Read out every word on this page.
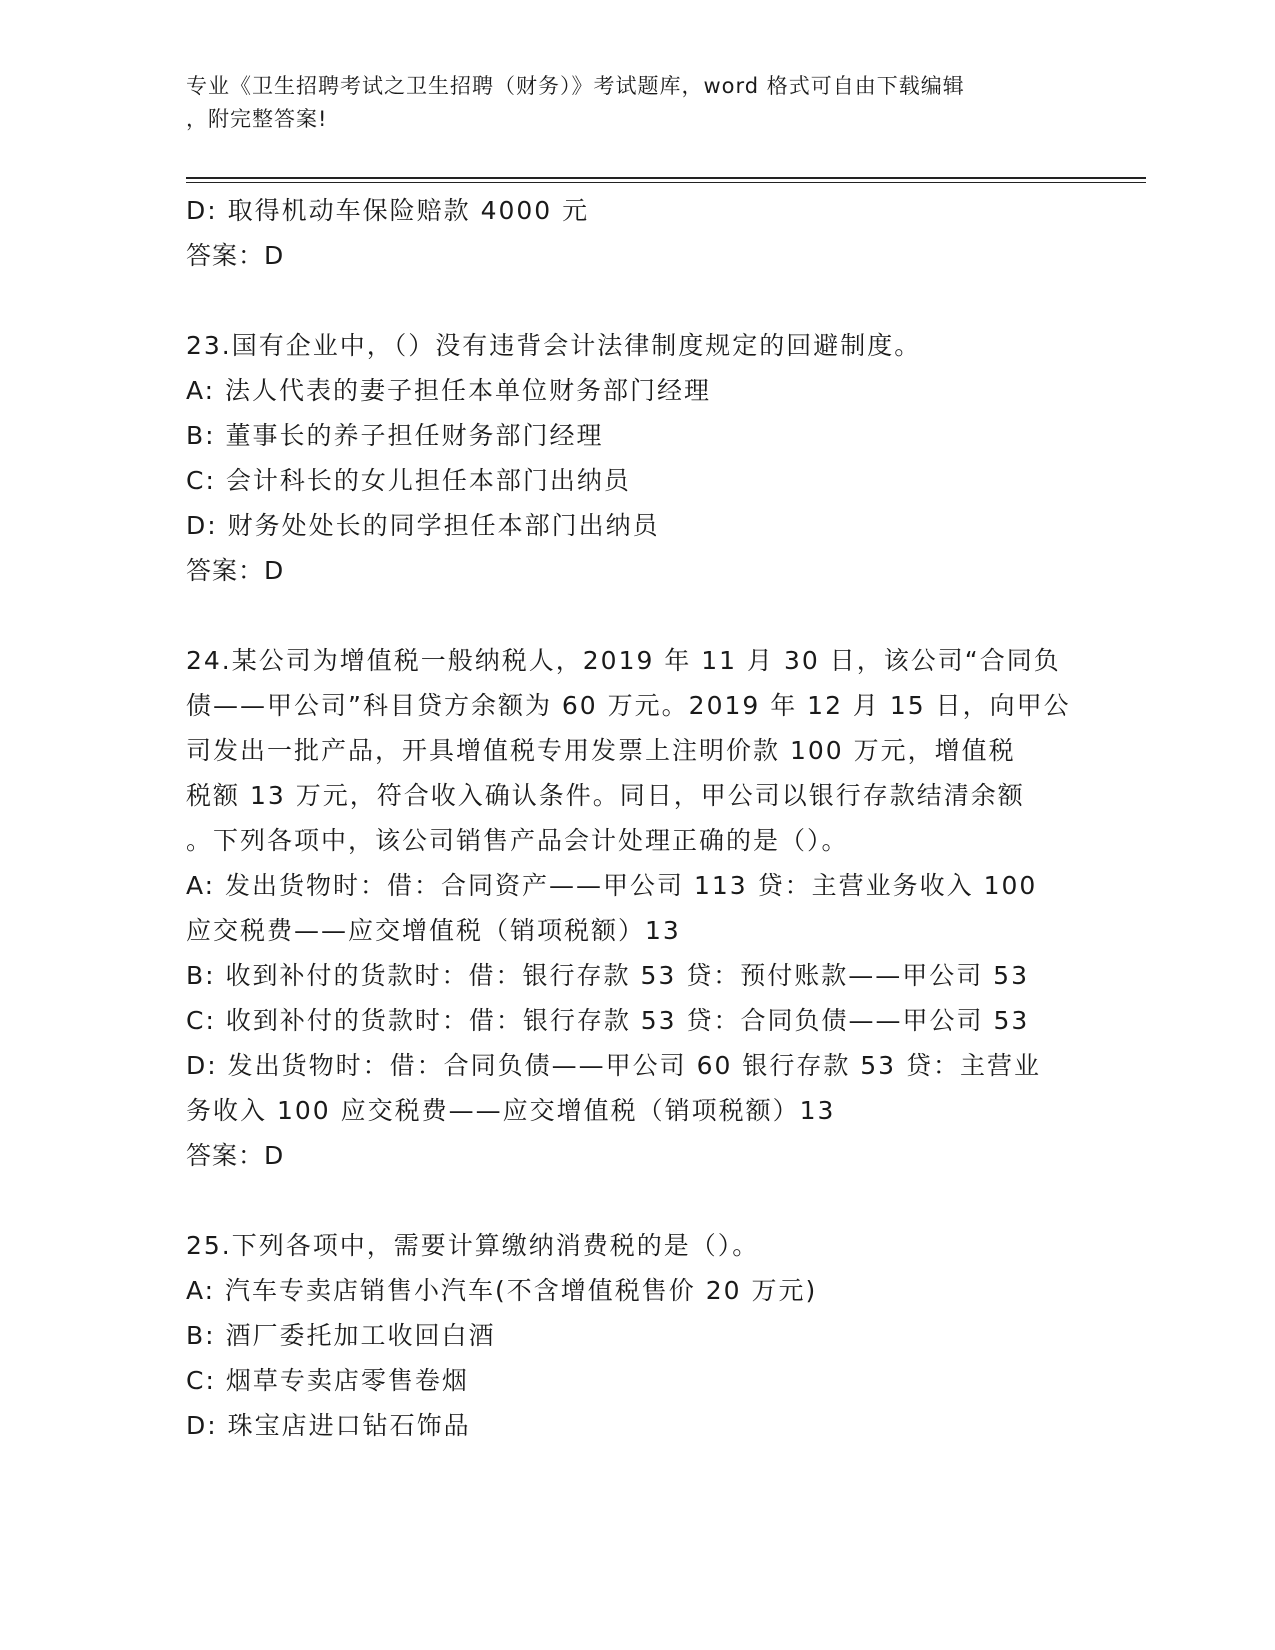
专业《卫生招聘考试之卫生招聘（财务）》考试题库，word 格式可自由下载编辑
，附完整答案!
D: 取得机动车保险赔款 4000 元
答案：D
23.国有企业中，（）没有违背会计法律制度规定的回避制度。
A: 法人代表的妻子担任本单位财务部门经理
B: 董事长的养子担任财务部门经理
C: 会计科长的女儿担任本部门出纳员
D: 财务处处长的同学担任本部门出纳员
答案：D
24.某公司为增值税一般纳税人，2019 年 11 月 30 日，该公司“合同负
债——甲公司”科目贷方余额为 60 万元。2019 年 12 月 15 日，向甲公
司发出一批产品，开具增值税专用发票上注明价款 100 万元，增值税
税额 13 万元，符合收入确认条件。同日，甲公司以银行存款结清余额
。下列各项中，该公司销售产品会计处理正确的是（）。
A: 发出货物时：借：合同资产——甲公司 113 贷：主营业务收入 100
应交税费——应交增值税（销项税额）13
B: 收到补付的货款时：借：银行存款 53 贷：预付账款——甲公司 53
C: 收到补付的货款时：借：银行存款 53 贷：合同负债——甲公司 53
D: 发出货物时：借：合同负债——甲公司 60 银行存款 53 贷：主营业
务收入 100 应交税费——应交增值税（销项税额）13
答案：D
25.下列各项中，需要计算缴纳消费税的是（）。
A: 汽车专卖店销售小汽车(不含增值税售价 20 万元)
B: 酒厂委托加工收回白酒
C: 烟草专卖店零售卷烟
D: 珠宝店进口钻石饰品
